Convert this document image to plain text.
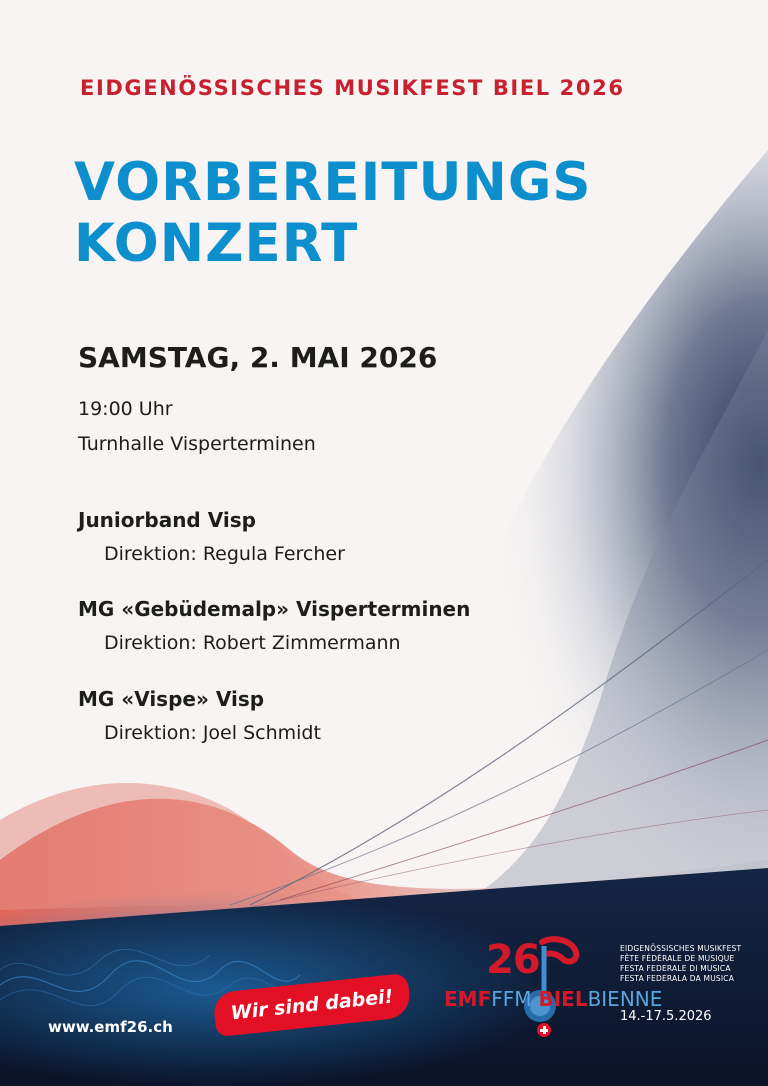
EIDGENÖSSISCHES MUSIKFEST BIEL 2026
VORBEREITUNGS
KONZERT
SAMSTAG, 2. MAI 2026
19:00 Uhr
Turnhalle Visperterminen
Juniorband Visp
Direktion: Regula Fercher
MG «Gebüdemalp» Visperterminen
Direktion: Robert Zimmermann
MG «Vispe» Visp
Direktion: Joel Schmidt
www.emf26.ch
Wir sind dabei!
26
EMFFFM BIELBIENNE
EIDGENÖSSISCHES MUSIKFEST
FÊTE FÉDÉRALE DE MUSIQUE
FESTA FEDERALE DI MUSICA
FESTA FEDERALA DA MUSICA
14.-17.5.2026
